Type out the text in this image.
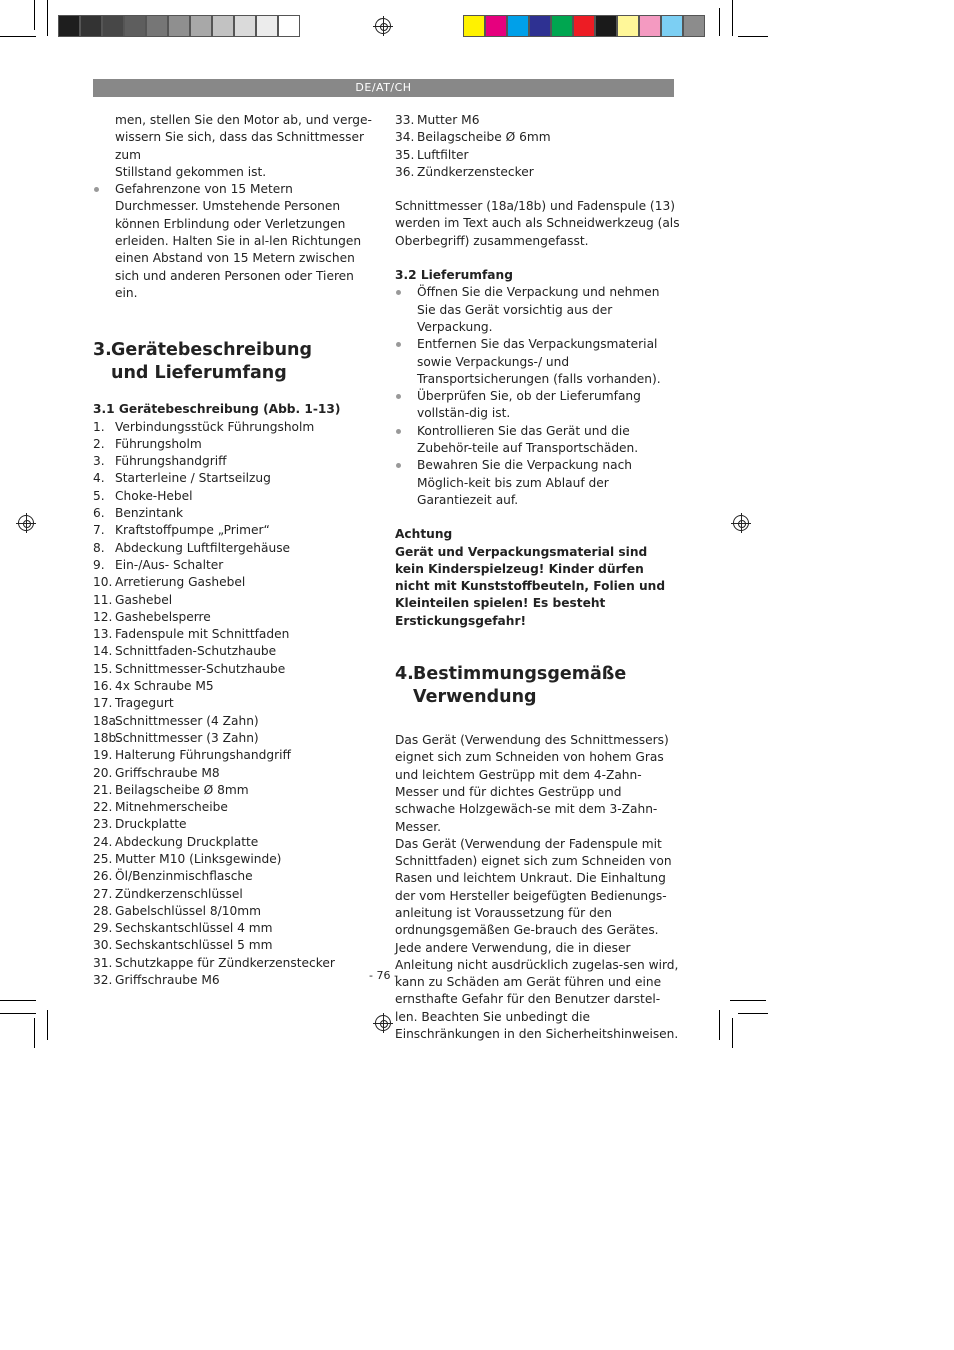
DE/AT/CH

men, stellen Sie den Motor ab, und verge-
wissern Sie sich, dass das Schnittmesser zum
Stillstand gekommen ist.

Gefahrenzone von 15 Metern Durchmesser. Umstehende Personen können Erblindung oder Verletzungen erleiden. Halten Sie in al-len Richtungen einen Abstand von 15 Metern zwischen sich und anderen Personen oder Tieren ein.

3. Gerätebeschreibung und Lieferumfang

3.1 Gerätebeschreibung (Abb. 1-13)

1. Verbindungsstück Führungsholm
2. Führungsholm
3. Führungshandgriff
4. Starterleine / Startseilzug
5. Choke-Hebel
6. Benzintank
7. Kraftstoffpumpe „Primer“
8. Abdeckung Luftfiltergehäuse
9. Ein-/Aus- Schalter
10. Arretierung Gashebel
11. Gashebel
12. Gashebelsperre
13. Fadenspule mit Schnittfaden
14. Schnittfaden-Schutzhaube
15. Schnittmesser-Schutzhaube
16. 4x Schraube M5
17. Tragegurt
18a.
Schnittmesser (4 Zahn)
18b.
Schnittmesser (3 Zahn)
19. Halterung Führungshandgriff
20. Griffschraube M8
21. Beilagscheibe Ø 8mm
22. Mitnehmerscheibe
23. Druckplatte
24. Abdeckung Druckplatte
25. Mutter M10 (Linksgewinde)
26. Öl/Benzinmischflasche
27. Zündkerzenschlüssel
28. Gabelschlüssel 8/10mm
29. Sechskantschlüssel 4 mm
30. Sechskantschlüssel 5 mm
31. Schutzkappe für Zündkerzenstecker
32. Griffschraube M6
33. Mutter M6
34. Beilagscheibe Ø 6mm
35. Luftfilter
36. Zündkerzenstecker

Schnittmesser (18a/18b) und Fadenspule (13) werden im Text auch als Schneidwerkzeug (als Oberbegriff) zusammengefasst.

3.2 Lieferumfang

Öffnen Sie die Verpackung und nehmen Sie das Gerät vorsichtig aus der Verpackung.

Entfernen Sie das Verpackungsmaterial sowie Verpackungs-/ und Transportsicherungen (falls vorhanden).

Überprüfen Sie, ob der Lieferumfang vollstän-dig ist.

Kontrollieren Sie das Gerät und die Zubehör-teile auf Transportschäden.

Bewahren Sie die Verpackung nach Möglich-keit bis zum Ablauf der Garantiezeit auf.

Achtung

Gerät und Verpackungsmaterial sind kein Kinderspielzeug! Kinder dürfen nicht mit Kunststoffbeuteln, Folien und Kleinteilen spielen! Es besteht Erstickungsgefahr!

4. Bestimmungsgemäße Verwendung

Das Gerät (Verwendung des Schnittmessers) eignet sich zum Schneiden von hohem Gras und leichtem Gestrüpp mit dem 4-Zahn-Messer und für dichtes Gestrüpp und schwache Holzgewäch-se mit dem 3-Zahn- Messer.

Das Gerät (Verwendung der Fadenspule mit Schnittfaden) eignet sich zum Schneiden von Rasen und leichtem Unkraut. Die Einhaltung der vom Hersteller beigefügten Bedienungs-anleitung ist Voraussetzung für den ordnungsgemäßen Ge-brauch des Gerätes. Jede andere Verwendung, die in dieser Anleitung nicht ausdrücklich zugelas-sen wird, kann zu Schäden am Gerät führen und eine ernsthafte Gefahr für den Benutzer darstel-len. Beachten Sie unbedingt die Einschränkungen in den Sicherheitshinweisen.

- 76 -
